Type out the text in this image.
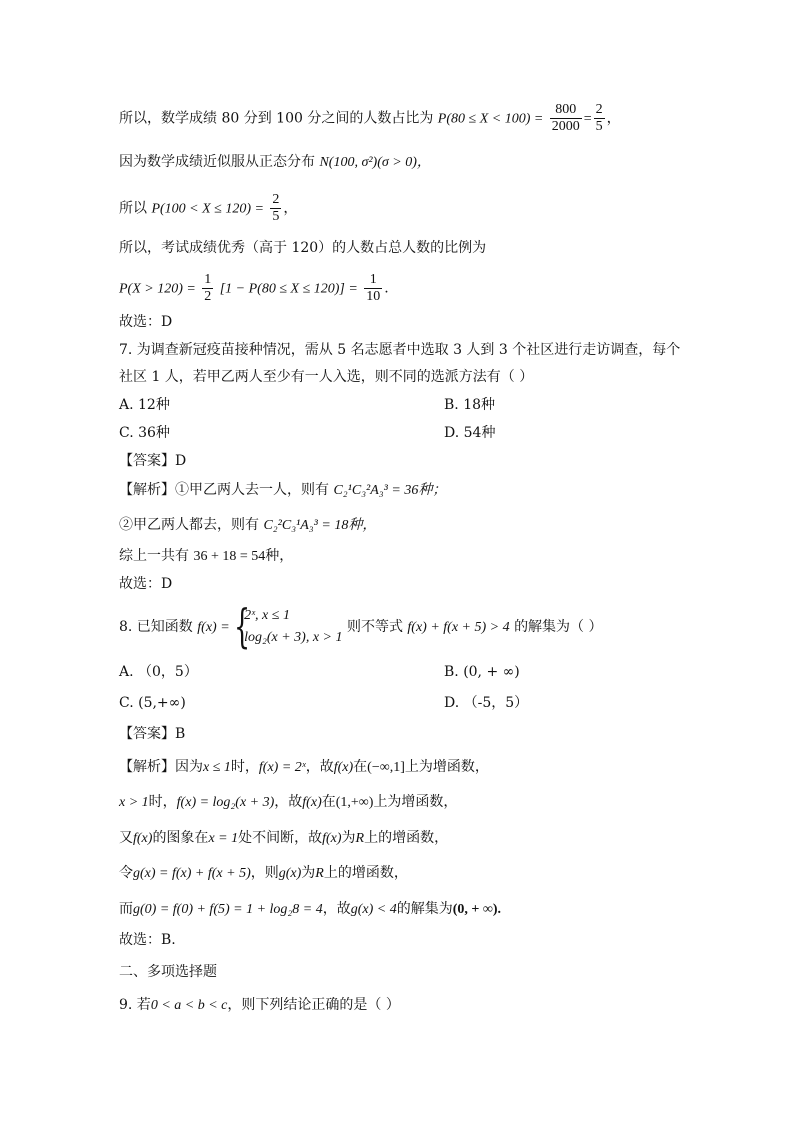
所以，数学成绩 80 分到 100 分之间的人数占比为 $P(80 \le X < 100) = \frac{800}{2000} = \frac{2}{5}$ ，
因为数学成绩近似服从正态分布 N(100, σ²)(σ > 0)，
所以 $P(100 < X \le 120) = \frac{2}{5}$ ，
所以，考试成绩优秀（高于 120）的人数占总人数的比例为
$P(X > 120) = \frac{1}{2} [1 - P(80 \le X \le 120)] = \frac{1}{10}$ .
故选：D
7. 为调查新冠疫苗接种情况，需从 5 名志愿者中选取 3 人到 3 个社区进行走访调查，每个
社区 1 人，若甲乙两人至少有一人入选，则不同的选派方法有（ ）
A. 12种	B. 18种
C. 36种	D. 54种
【答案】D
【解析】①甲乙两人去一人，则有 C₂¹C₃²A₃³ = 36种；
②甲乙两人都去，则有 C₂²C₃¹A₃³ = 18种，
综上一共有 36 + 18 = 54种，
故选：D
8. 已知函数 f(x) = {
2ˣ, x ≤ 1
log₂(x + 3), x > 1
则不等式 f(x) + f(x + 5) > 4 的解集为（ ）
A. （0，5）	B. (0, + ∞)
C. (5,+∞)	D. （-5，5）
【答案】B
【解析】因为x ≤ 1时，f(x) = 2ˣ，故f(x)在(−∞,1]上为增函数，
x > 1时，f(x) = log₂(x + 3)，故f(x)在(1,+∞)上为增函数，
又f(x)的图象在x = 1处不间断，故f(x)为R上的增函数，
令g(x) = f(x) + f(x + 5)，则g(x)为R上的增函数，
而g(0) = f(0) + f(5) = 1 + log₂8 = 4，故g(x) < 4的解集为(0, + ∞).
故选：B.
二、多项选择题
9. 若0 < a < b < c，则下列结论正确的是（ ）
